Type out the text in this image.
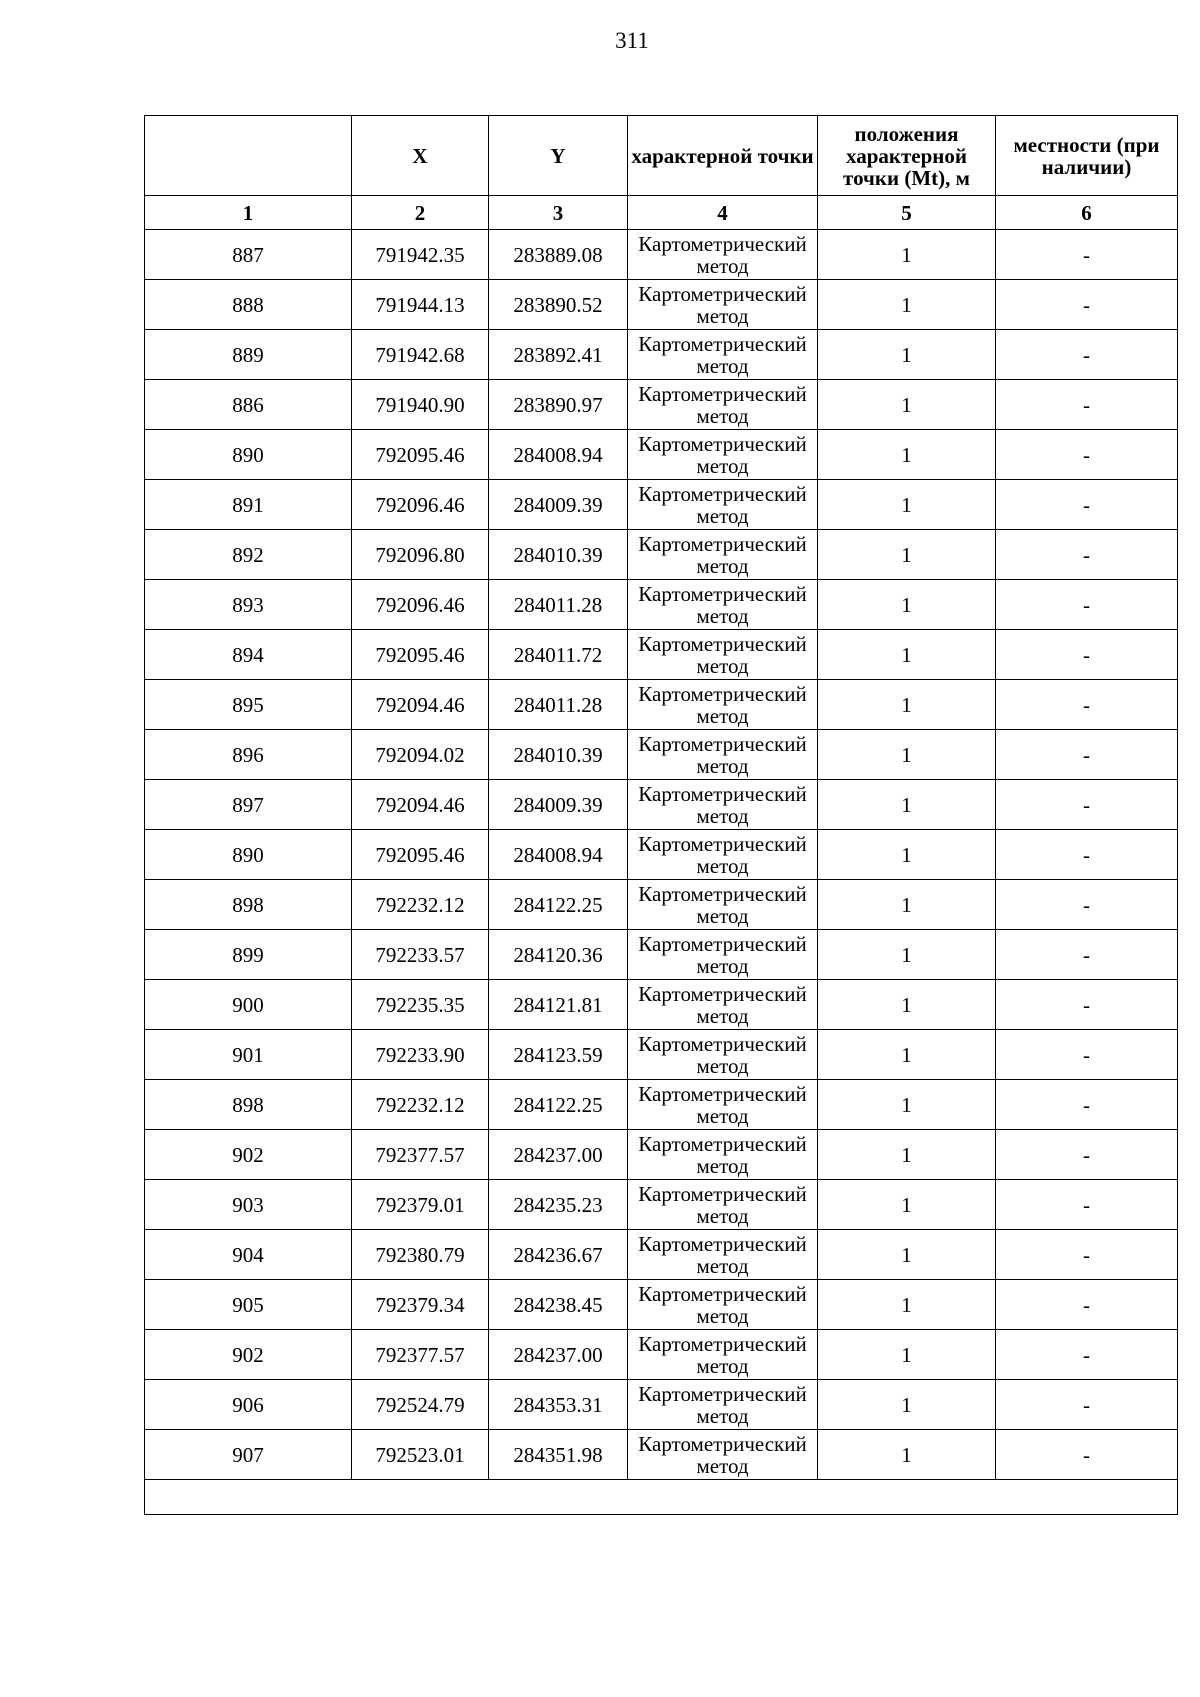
311
	X	Y	характерной точки	положения характерной точки (Mt), м	местности (при наличии)
1	2	3	4	5	6
887	791942.35	283889.08	Картометрический метод	1	-
888	791944.13	283890.52	Картометрический метод	1	-
889	791942.68	283892.41	Картометрический метод	1	-
886	791940.90	283890.97	Картометрический метод	1	-
890	792095.46	284008.94	Картометрический метод	1	-
891	792096.46	284009.39	Картометрический метод	1	-
892	792096.80	284010.39	Картометрический метод	1	-
893	792096.46	284011.28	Картометрический метод	1	-
894	792095.46	284011.72	Картометрический метод	1	-
895	792094.46	284011.28	Картометрический метод	1	-
896	792094.02	284010.39	Картометрический метод	1	-
897	792094.46	284009.39	Картометрический метод	1	-
890	792095.46	284008.94	Картометрический метод	1	-
898	792232.12	284122.25	Картометрический метод	1	-
899	792233.57	284120.36	Картометрический метод	1	-
900	792235.35	284121.81	Картометрический метод	1	-
901	792233.90	284123.59	Картометрический метод	1	-
898	792232.12	284122.25	Картометрический метод	1	-
902	792377.57	284237.00	Картометрический метод	1	-
903	792379.01	284235.23	Картометрический метод	1	-
904	792380.79	284236.67	Картометрический метод	1	-
905	792379.34	284238.45	Картометрический метод	1	-
902	792377.57	284237.00	Картометрический метод	1	-
906	792524.79	284353.31	Картометрический метод	1	-
907	792523.01	284351.98	Картометрический метод	1	-
